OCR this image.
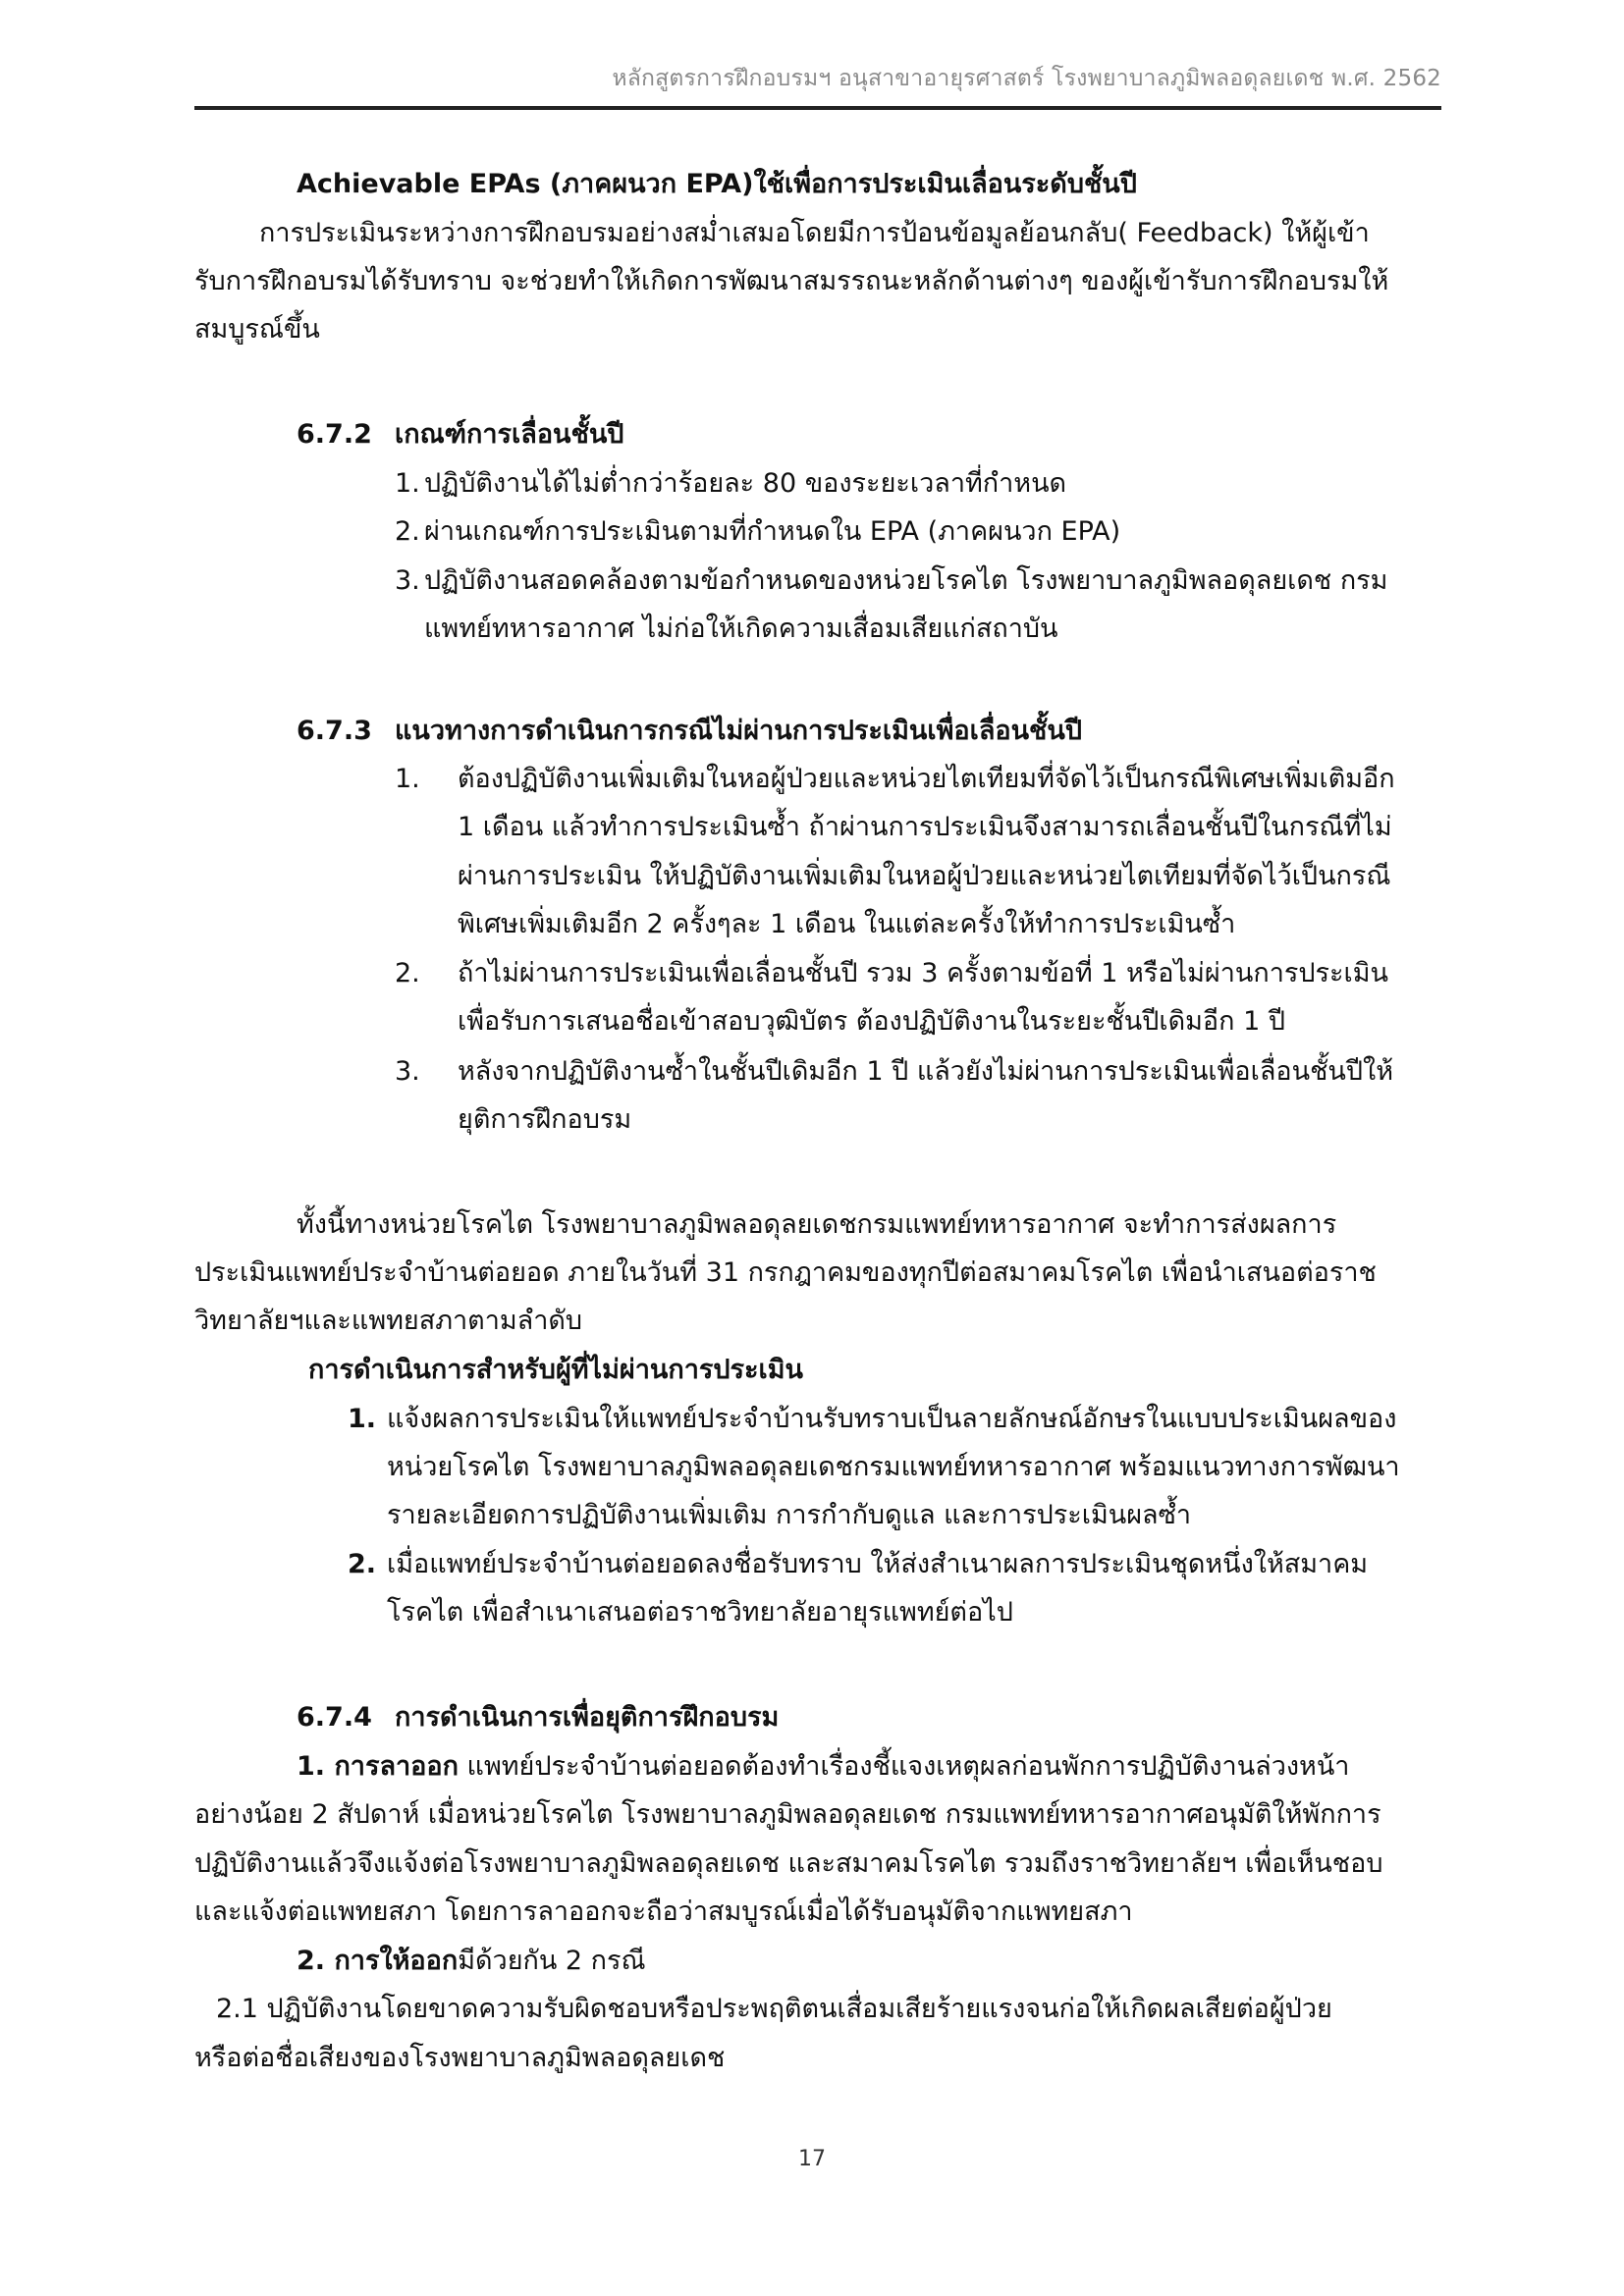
หลักสูตรการฝึกอบรมฯ อนุสาขาอายุรศาสตร์ โรงพยาบาลภูมิพลอดุลยเดช พ.ศ. 2562
Achievable EPAs (ภาคผนวก EPA)ใช้เพื่อการประเมินเลื่อนระดับชั้นปี
การประเมินระหว่างการฝึกอบรมอย่างสม่ำเสมอโดยมีการป้อนข้อมูลย้อนกลับ( Feedback) ให้ผู้เข้า
รับการฝึกอบรมได้รับทราบ จะช่วยทำให้เกิดการพัฒนาสมรรถนะหลักด้านต่างๆ ของผู้เข้ารับการฝึกอบรมให้
สมบูรณ์ขึ้น
6.7.2 เกณฑ์การเลื่อนชั้นปี
1. ปฏิบัติงานได้ไม่ต่ำกว่าร้อยละ 80 ของระยะเวลาที่กำหนด
2. ผ่านเกณฑ์การประเมินตามที่กำหนดใน EPA (ภาคผนวก EPA)
3. ปฏิบัติงานสอดคล้องตามข้อกำหนดของหน่วยโรคไต โรงพยาบาลภูมิพลอดุลยเดช กรม
แพทย์ทหารอากาศ ไม่ก่อให้เกิดความเสื่อมเสียแก่สถาบัน
6.7.3 แนวทางการดำเนินการกรณีไม่ผ่านการประเมินเพื่อเลื่อนชั้นปี
1. ต้องปฏิบัติงานเพิ่มเติมในหอผู้ป่วยและหน่วยไตเทียมที่จัดไว้เป็นกรณีพิเศษเพิ่มเติมอีก
1 เดือน แล้วทำการประเมินซ้ำ ถ้าผ่านการประเมินจึงสามารถเลื่อนชั้นปีในกรณีที่ไม่
ผ่านการประเมิน ให้ปฏิบัติงานเพิ่มเติมในหอผู้ป่วยและหน่วยไตเทียมที่จัดไว้เป็นกรณี
พิเศษเพิ่มเติมอีก 2 ครั้งๆละ 1 เดือน ในแต่ละครั้งให้ทำการประเมินซ้ำ
2. ถ้าไม่ผ่านการประเมินเพื่อเลื่อนชั้นปี รวม 3 ครั้งตามข้อที่ 1 หรือไม่ผ่านการประเมิน
เพื่อรับการเสนอชื่อเข้าสอบวุฒิบัตร ต้องปฏิบัติงานในระยะชั้นปีเดิมอีก 1 ปี
3. หลังจากปฏิบัติงานซ้ำในชั้นปีเดิมอีก 1 ปี แล้วยังไม่ผ่านการประเมินเพื่อเลื่อนชั้นปีให้
ยุติการฝึกอบรม
ทั้งนี้ทางหน่วยโรคไต โรงพยาบาลภูมิพลอดุลยเดชกรมแพทย์ทหารอากาศ จะทำการส่งผลการ
ประเมินแพทย์ประจำบ้านต่อยอด ภายในวันที่ 31 กรกฎาคมของทุกปีต่อสมาคมโรคไต เพื่อนำเสนอต่อราช
วิทยาลัยฯและแพทยสภาตามลำดับ
การดำเนินการสำหรับผู้ที่ไม่ผ่านการประเมิน
1. แจ้งผลการประเมินให้แพทย์ประจำบ้านรับทราบเป็นลายลักษณ์อักษรในแบบประเมินผลของ
หน่วยโรคไต โรงพยาบาลภูมิพลอดุลยเดชกรมแพทย์ทหารอากาศ พร้อมแนวทางการพัฒนา
รายละเอียดการปฏิบัติงานเพิ่มเติม การกำกับดูแล และการประเมินผลซ้ำ
2. เมื่อแพทย์ประจำบ้านต่อยอดลงชื่อรับทราบ ให้ส่งสำเนาผลการประเมินชุดหนึ่งให้สมาคม
โรคไต เพื่อสำเนาเสนอต่อราชวิทยาลัยอายุรแพทย์ต่อไป
6.7.4 การดำเนินการเพื่อยุติการฝึกอบรม
1. การลาออก แพทย์ประจำบ้านต่อยอดต้องทำเรื่องชี้แจงเหตุผลก่อนพักการปฏิบัติงานล่วงหน้า
อย่างน้อย 2 สัปดาห์ เมื่อหน่วยโรคไต โรงพยาบาลภูมิพลอดุลยเดช กรมแพทย์ทหารอากาศอนุมัติให้พักการ
ปฏิบัติงานแล้วจึงแจ้งต่อโรงพยาบาลภูมิพลอดุลยเดช และสมาคมโรคไต รวมถึงราชวิทยาลัยฯ เพื่อเห็นชอบ
และแจ้งต่อแพทยสภา โดยการลาออกจะถือว่าสมบูรณ์เมื่อได้รับอนุมัติจากแพทยสภา
2. การให้ออกมีด้วยกัน 2 กรณี
2.1 ปฏิบัติงานโดยขาดความรับผิดชอบหรือประพฤติตนเสื่อมเสียร้ายแรงจนก่อให้เกิดผลเสียต่อผู้ป่วย
หรือต่อชื่อเสียงของโรงพยาบาลภูมิพลอดุลยเดช
17
